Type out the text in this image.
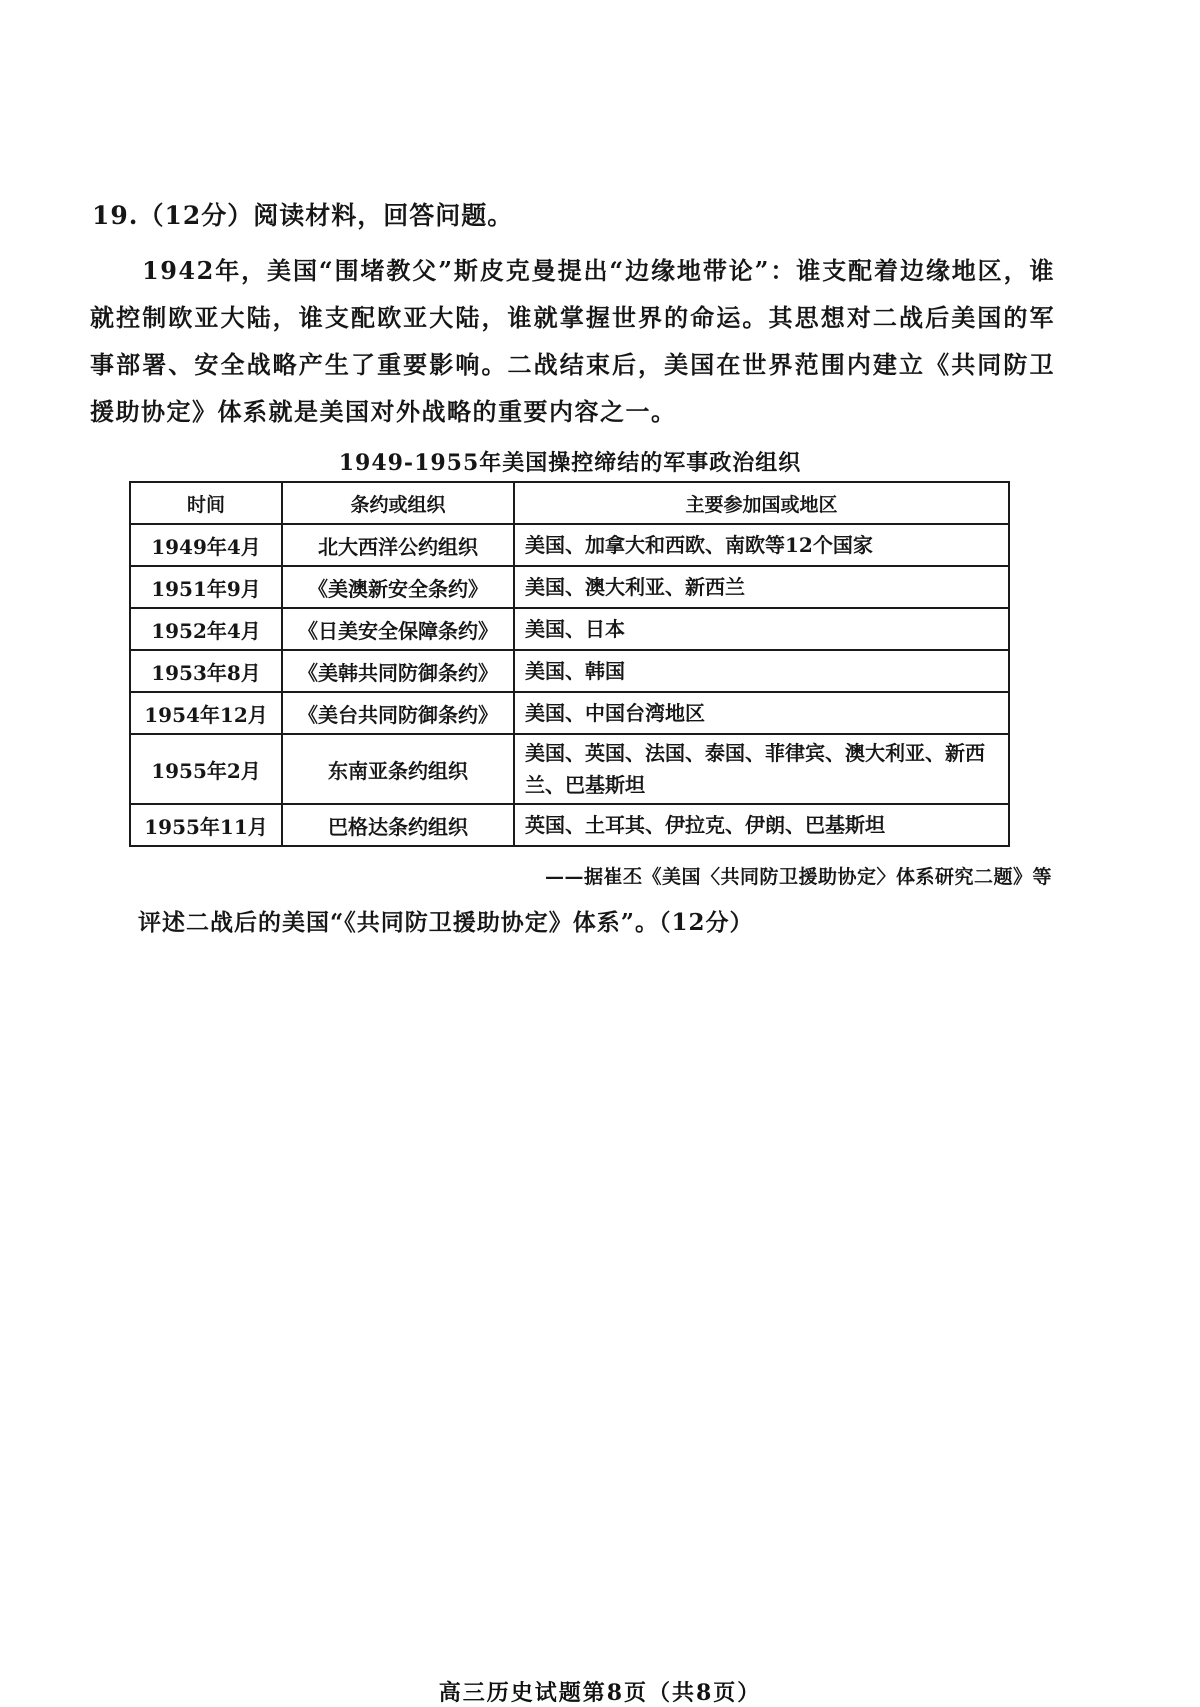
19.（12分）阅读材料，回答问题。
1942年，美国“围堵教父”斯皮克曼提出“边缘地带论”：谁支配着边缘地区，谁就控制欧亚大陆，谁支配欧亚大陆，谁就掌握世界的命运。其思想对二战后美国的军事部署、安全战略产生了重要影响。二战结束后，美国在世界范围内建立《共同防卫援助协定》体系就是美国对外战略的重要内容之一。
1949-1955年美国操控缔结的军事政治组织
时间	条约或组织	主要参加国或地区
1949年4月	北大西洋公约组织	美国、加拿大和西欧、南欧等12个国家
1951年9月	《美澳新安全条约》	美国、澳大利亚、新西兰
1952年4月	《日美安全保障条约》	美国、日本
1953年8月	《美韩共同防御条约》	美国、韩国
1954年12月	《美台共同防御条约》	美国、中国台湾地区
1955年2月	东南亚条约组织	美国、英国、法国、泰国、菲律宾、澳大利亚、新西兰、巴基斯坦
1955年11月	巴格达条约组织	英国、土耳其、伊拉克、伊朗、巴基斯坦
——据崔丕《美国〈共同防卫援助协定〉体系研究二题》等
评述二战后的美国“《共同防卫援助协定》体系”。（12分）
高三历史试题第8页（共8页）
